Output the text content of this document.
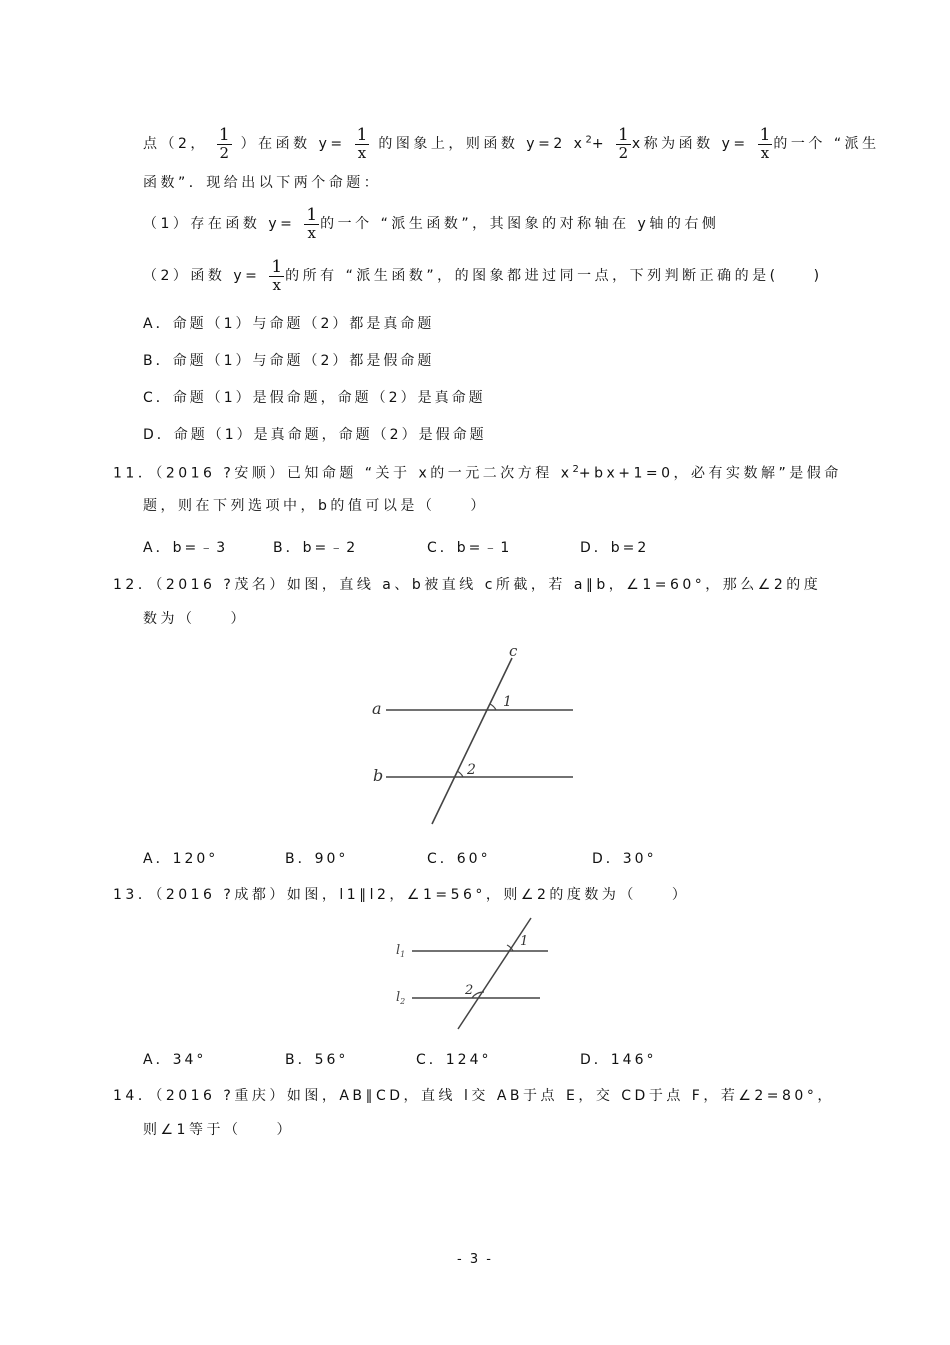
点（2， $\frac{1}{2}$ ）在函数 $y= \frac{1}{x}$ 的图象上，则函数 y=2 $x^2+ \frac{1}{2}$ x称为函数 $y= \frac{1}{x}$ 的一个 “派生
函数”．现给出以下两个命题：
（1）存在函数 $y= \frac{1}{x}$ 的一个 “派生函数”，其图象的对称轴在 y轴的右侧
（2）函数 $y= \frac{1}{x}$ 的所有 “派生函数”，的图象都进过同一点，下列判断正确的是(　　)
A．命题（1）与命题（2）都是真命题
B．命题（1）与命题（2）都是假命题
C．命题（1）是假命题，命题（2）是真命题
D．命题（1）是真命题，命题（2）是假命题
11．（2016 ?安顺）已知命题 “关于 x的一元二次方程 $x^2+bx+1=0$，必有实数解”是假命
题，则在下列选项中，b的值可以是（　　）
A．b=﹣3	B．b=﹣2	C．b=﹣1	D．b=2
12．（2016 ?茂名）如图，直线 a、b被直线 c所截，若 a∥b，∠1=60°，那么∠2的度
数为（　　）
c
a
b
1
2
A．120°	B．90°	C．60°	D．30°
13．（2016 ?成都）如图，l1∥l2，∠1=56°，则∠2的度数为（　　）
$l_1$
$l_2$
1
2
A．34°	B．56°	C．124°	D．146°
14．（2016 ?重庆）如图，AB∥CD，直线 l交 AB于点 E，交 CD于点 F，若∠2=80°，
则∠1等于（　　）
- 3 -
